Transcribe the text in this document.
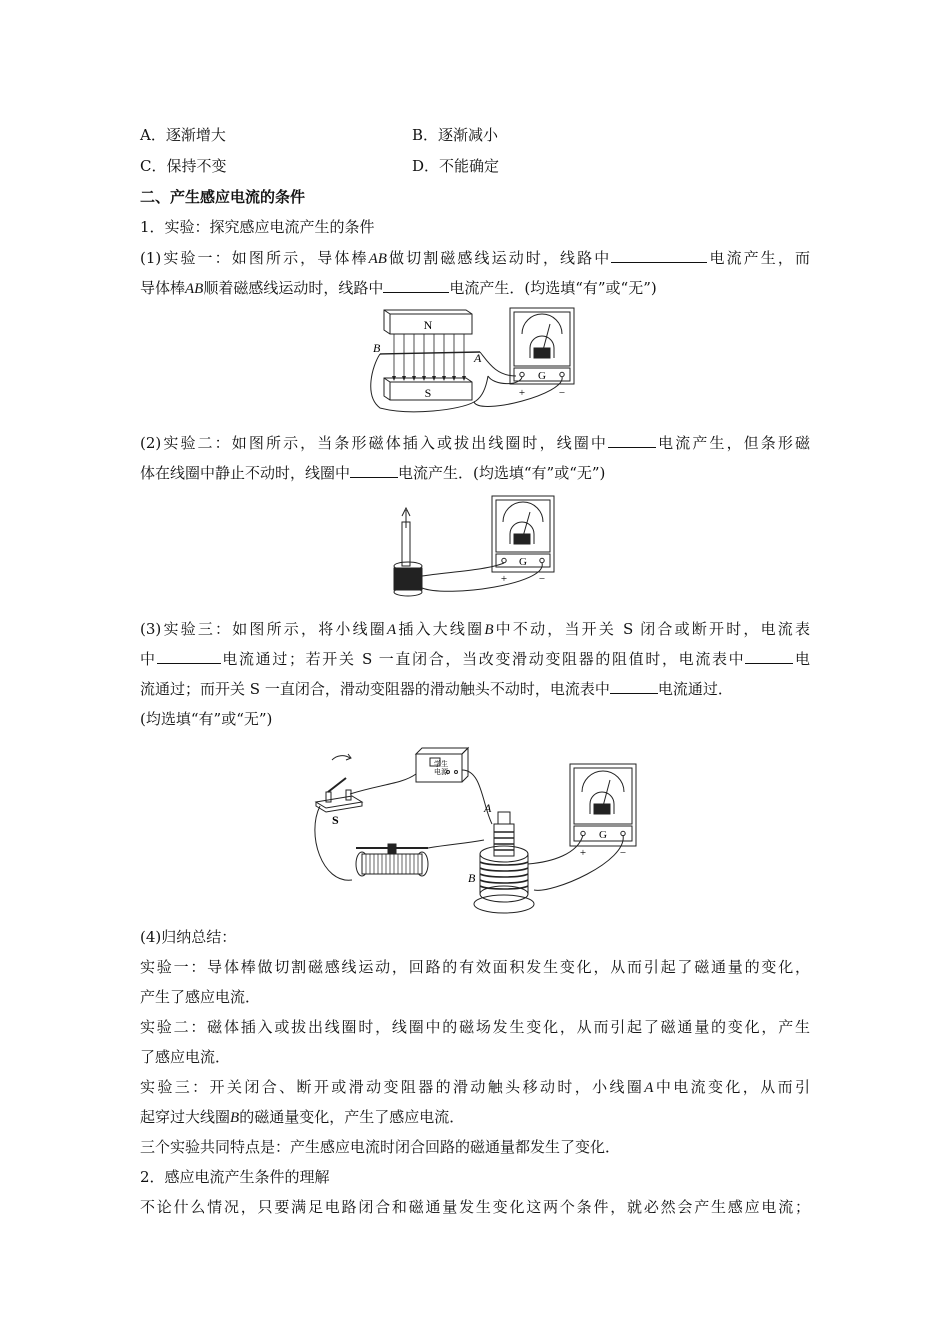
A．逐渐增大	B．逐渐减小
C．保持不变	D．不能确定
二、产生感应电流的条件
1．实验：探究感应电流产生的条件
(1)实验一：如图所示，导体棒AB做切割磁感线运动时，线路中	电流产生，而
导体棒AB顺着磁感线运动时，线路中	电流产生．(均选填“有”或“无”)
N
S
B
A
G
+	−
(2)实验二：如图所示，当条形磁体插入或拔出线圈时，线圈中	电流产生，但条形磁
体在线圈中静止不动时，线圈中	电流产生．(均选填“有”或“无”)
G
+	−
(3)实验三：如图所示，将小线圈A插入大线圈B中不动，当开关 S 闭合或断开时，电流表
中	电流通过；若开关 S 一直闭合，当改变滑动变阻器的阻值时，电流表中	电
流通过；而开关 S 一直闭合，滑动变阻器的滑动触头不动时，电流表中	电流通过．
(均选填“有”或“无”)
学生
电源
S
A
B
G
+	−
(4)归纳总结：
实验一：导体棒做切割磁感线运动，回路的有效面积发生变化，从而引起了磁通量的变化，
产生了感应电流．
实验二：磁体插入或拔出线圈时，线圈中的磁场发生变化，从而引起了磁通量的变化，产生
了感应电流．
实验三：开关闭合、断开或滑动变阻器的滑动触头移动时，小线圈A中电流变化，从而引
起穿过大线圈B的磁通量变化，产生了感应电流．
三个实验共同特点是：产生感应电流时闭合回路的磁通量都发生了变化．
2．感应电流产生条件的理解
不论什么情况，只要满足电路闭合和磁通量发生变化这两个条件，就必然会产生感应电流；
